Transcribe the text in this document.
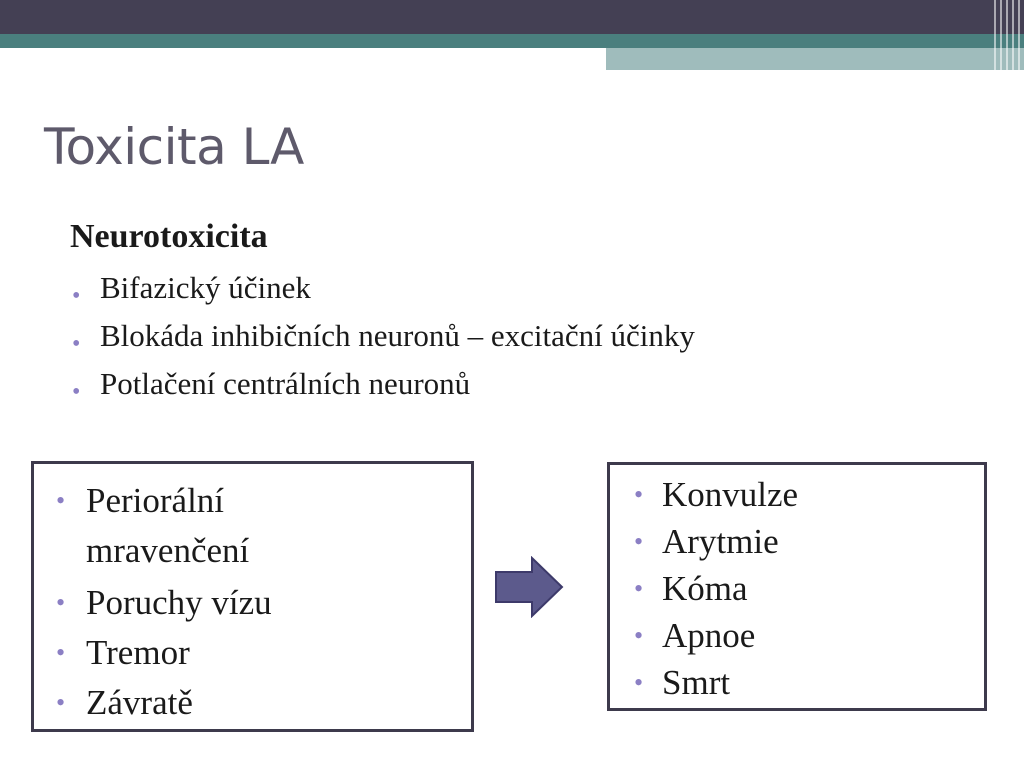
Toxicita LA
Neurotoxicita
• Bifazický účinek
• Blokáda inhibičních neuronů – excitační účinky
• Potlačení centrálních neuronů
• Periorální mravenčení
• Poruchy vízu
• Tremor
• Závratě
• Konvulze
• Arytmie
• Kóma
• Apnoe
• Smrt
